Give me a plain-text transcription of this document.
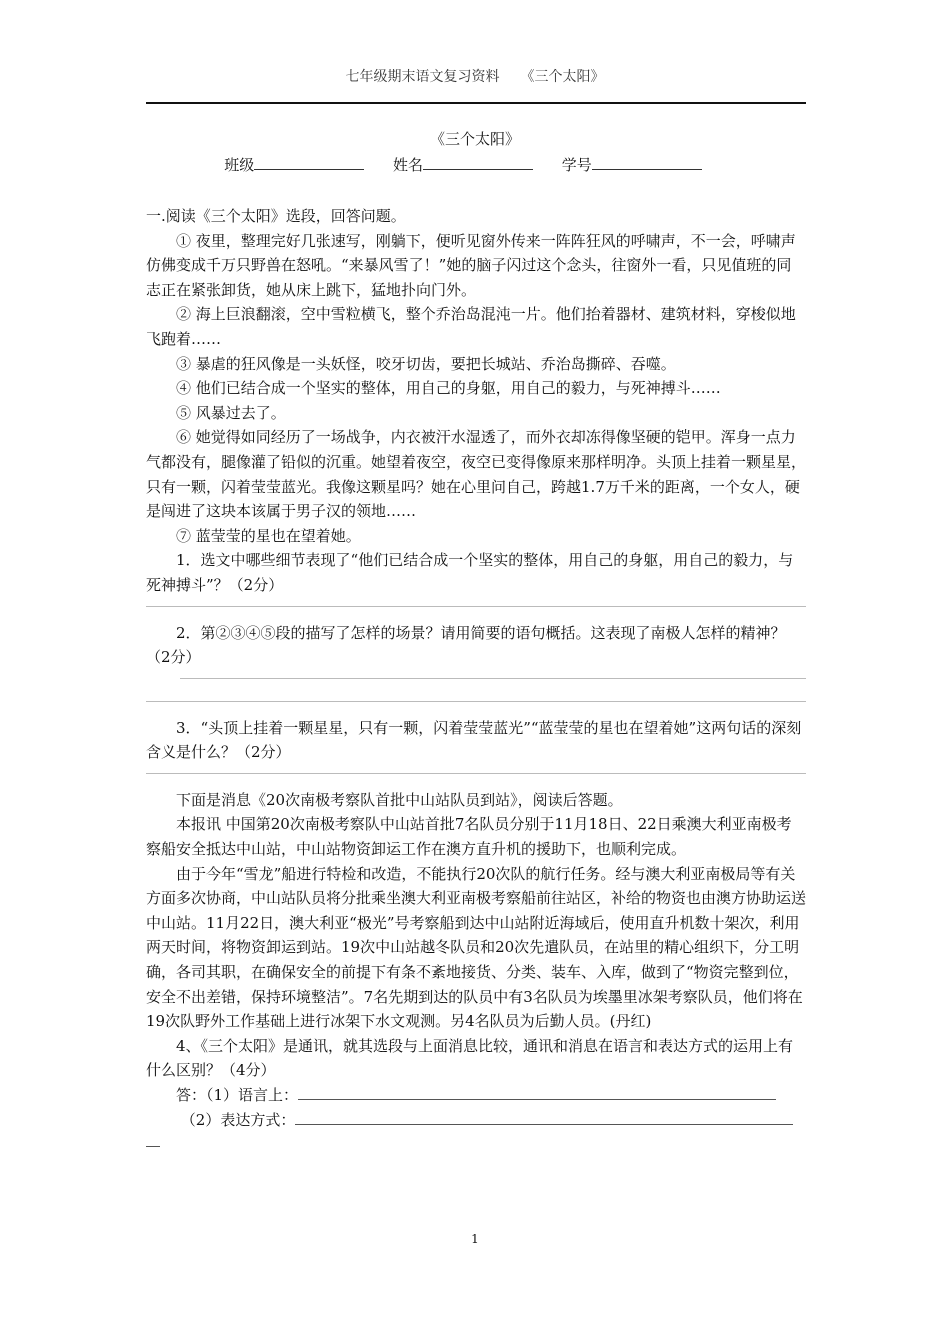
七年级期末语文复习资料　　《三个太阳》
《三个太阳》
班级	姓名	学号

一.阅读《三个太阳》选段，回答问题。

① 夜里，整理完好几张速写，刚躺下，便听见窗外传来一阵阵狂风的呼啸声，不一会，呼啸声仿佛变成千万只野兽在怒吼。“来暴风雪了！”她的脑子闪过这个念头，往窗外一看，只见值班的同志正在紧张卸货，她从床上跳下，猛地扑向门外。

② 海上巨浪翻滚，空中雪粒横飞，整个乔治岛混沌一片。他们抬着器材、建筑材料，穿梭似地飞跑着……

③ 暴虐的狂风像是一头妖怪，咬牙切齿，要把长城站、乔治岛撕碎、吞噬。

④ 他们已结合成一个坚实的整体，用自己的身躯，用自己的毅力，与死神搏斗……

⑤ 风暴过去了。

⑥ 她觉得如同经历了一场战争，内衣被汗水湿透了，而外衣却冻得像坚硬的铠甲。浑身一点力气都没有，腿像灌了铅似的沉重。她望着夜空，夜空已变得像原来那样明净。头顶上挂着一颗星星，只有一颗，闪着莹莹蓝光。我像这颗星吗？她在心里问自己，跨越1.7万千米的距离，一个女人，硬是闯进了这块本该属于男子汉的领地……

⑦ 蓝莹莹的星也在望着她。

1．选文中哪些细节表现了“他们已结合成一个坚实的整体，用自己的身躯，用自己的毅力，与死神搏斗”？（2分）

2．第②③④⑤段的描写了怎样的场景？请用简要的语句概括。这表现了南极人怎样的精神？（2分）

3．“头顶上挂着一颗星星，只有一颗，闪着莹莹蓝光”“蓝莹莹的星也在望着她”这两句话的深刻含义是什么？（2分）

下面是消息《20次南极考察队首批中山站队员到站》，阅读后答题。

本报讯 中国第20次南极考察队中山站首批7名队员分别于11月18日、22日乘澳大利亚南极考察船安全抵达中山站，中山站物资卸运工作在澳方直升机的援助下，也顺利完成。

由于今年“雪龙”船进行特检和改造，不能执行20次队的航行任务。经与澳大利亚南极局等有关方面多次协商，中山站队员将分批乘坐澳大利亚南极考察船前往站区，补给的物资也由澳方协助运送中山站。11月22日，澳大利亚“极光”号考察船到达中山站附近海域后，使用直升机数十架次，利用两天时间，将物资卸运到站。19次中山站越冬队员和20次先遣队员，在站里的精心组织下，分工明确，各司其职，在确保安全的前提下有条不紊地接货、分类、装车、入库，做到了“物资完整到位，安全不出差错，保持环境整洁”。7名先期到达的队员中有3名队员为埃墨里冰架考察队员，他们将在19次队野外工作基础上进行冰架下水文观测。另4名队员为后勤人员。(丹红)

4、《三个太阳》是通讯，就其选段与上面消息比较，通讯和消息在语言和表达方式的运用上有什么区别？（4分）

答：（1）语言上：

（2）表达方式：

1
